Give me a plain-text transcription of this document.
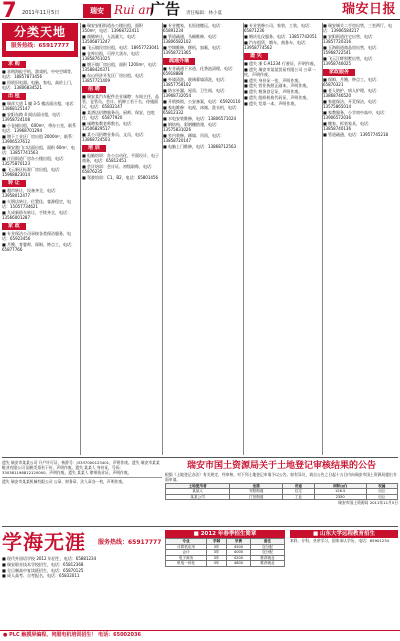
7 2011年11月5日	瑞安 Rui an
广告 责任编辑：林小夏	瑞安日报
分类天地
服务热线：65917777
求 购
■ 求购海报手机、游戏机、中央空调等，电话：18857873456
■ 回收旧电器、电脑、家电，高价上门，电话：13806834521
出 租
■ 瑞祥大道 1 幢 3-5 楼店面出租，电话：13868125147
■ 安阳东路 4 间店面出租，电话：13958724108
■ 小仓储出租，600m²，带办公室，联系电话：13968701294
■ 塘下工业区厂房出租 2000m²，联系：13906537612
■ 瑞安港门口店面出租，面积 60m²，电话：13857741563
■ 汀田街道厂房办公楼出租，电话：13575870123
■ 飞云新区标准厂房出租，电话：15968823014
转 让
■ 超市转让，设备齐全，电话：13958012477
■ 火锅店转让，位置佳，客源稳定，电话：15057734621
■ 九成新轿车转让，手续齐全，电话：13566001287
家 政
■ 专业保洁公司承接各类保洁服务，电话：65923456
■ 月嫂、育婴师、保姆、钟点工，电话：65877766
■ 瑞安安阳街道办公楼出租，面积 350m²，电话：13968722411
■ 商铺转让，人流量大，电话：13506871247
■ 飞云镇民房出租，电话：18957723041
■ 仓库出租，可停大货车，电话：13858761025
■ 塘下镇厂房出租，面积 1200m²，电话：13588420371
■ 东山经济开发区厂房出租，电话：13857721409
招 聘
■ 瑞安某汽车配件企业诚聘：车间主任、品管、仓管员、会计、机修工若干名，待遇面议，电话：65832147
■ 某酒店招聘服务员、厨师、保安，包吃住，电话：65877920
■ 诚聘家教老师数名，电话：13506829517
■ 某公司招聘业务员、文员，电话：13868724503
培 训
■ 电脑培训：办公自动化、平面设计、电子商务，电话：65812451
■ 会计培训：会计证、初级职称，电话：65876235
■ 驾驶培训：C1、B2，电话：65801456
■ 专业搬家，长短途搬运，电话：65891234
■ 管道疏通、马桶维修，电话：13806582102
■ 空调维修、移机、加氟，电话：13958721365
疏通外墙
■ 专业疏通下水道、化粪池清理，电话：65918888
■ 外墙清洗、玻璃幕墙清洗，电话：13857758102
■ 防水补漏，屋顶、卫生间，电话：13968732054
■ 开锁换锁，公安备案，电话：65920110
■ 家电维修：电视、冰箱、洗衣机，电话：65812332
■ 水电安装维修，电话：13806571024
■ 钢结构、彩钢棚搭建，电话：13575831026
■ 室内装修、刷墙、吊顶，电话：13858720147
■ 电脑上门维修，电话：13868712563
■ 专业装修公司，家装、工装，电话：65871236
■ 婚庆礼仪服务，电话：13857742051
■ 汽车租赁，婚车、商务车，电话：13958774562
遗 失
■ 遗失 浙 C·A1234 行驶证，声明作废。
■ 遗失 瑞安市某某贸易有限公司 公章一枚，声明作废。
■ 遗失 身份证一张，声明作废。
■ 遗失 营业执照正副本，声明作废。
■ 遗失 税务登记证，声明作废。
■ 遗失 组织机构代码证，声明作废。
■ 遗失 发票一本，声明作废。
■ 瑞安城关二手房出售，三室两厅，电话：13906584217
■ 安阳街道住宅出售，电话：13857720316
■ 玉海街道商品房出售，电话：15968722541
■ 飞云江畔别墅出售，电话：13958746025
家政服务
■ 保姆、月嫂、钟点工，电话：65870321
■ 老人陪护、病人护理，电话：13868746520
■ 家庭保洁、开荒保洁，电话：13575865014
■ 家教服务，小学初中高中，电话：13906572036
■ 搬家、拆装家具，电话：13858740136
■ 管道疏通，电话：13957745218
遗失 瑞安市某某公司 开户许可证，核准号：J3337000123401，声明作废。遗失 瑞安市某某鞋业有限公司 国税发票若干份，声明作废。遗失 某某人 身份证，号码：330381198812120000，声明作废。遗失 某某人 律师执业证，声明作废。
遗失 瑞安市某某机械有限公司 公章、财务章、法人章各一枚，声明作废。
瑞安市国土资源局关于土地登记审核结果的公告
根据《土地登记办法》有关规定，经审核，对下列土地登记申请予以公告。如有异议，请自公告之日起十五日内向瑞安市国土资源局提出书面申请。
土地使用者	坐落	用途	面积(㎡)	权属
某某人	安阳街道	住宅	126.5	出让
某某公司	汀田街道	工业	2350	出让
瑞安市国土资源局 2011年11月5日
学海无涯 服务热线：65917777
■ 现代外国语学校 2012 年招生，电话：65881234
■ 瑞安职业技术学校招生，电话：65812368
■ 全日制高中复读班招生，电话：65870125
■ 成人高考、自考报名，电话：65832011
■ 2012 年春季招生简章
专业	学制	学费	备注
计算机应用	3年	4500	包分配
会计	3年	4000	包分配
电子商务	3年	4200	推荐就业
机电一体化	3年	4800	推荐就业
■ 山东大学远程教育招生
本科、专科，业余学习，国家承认学历，电话：65901234
● PLC 触摸屏编程、伺服电机培训招生！ 电话：65002036
